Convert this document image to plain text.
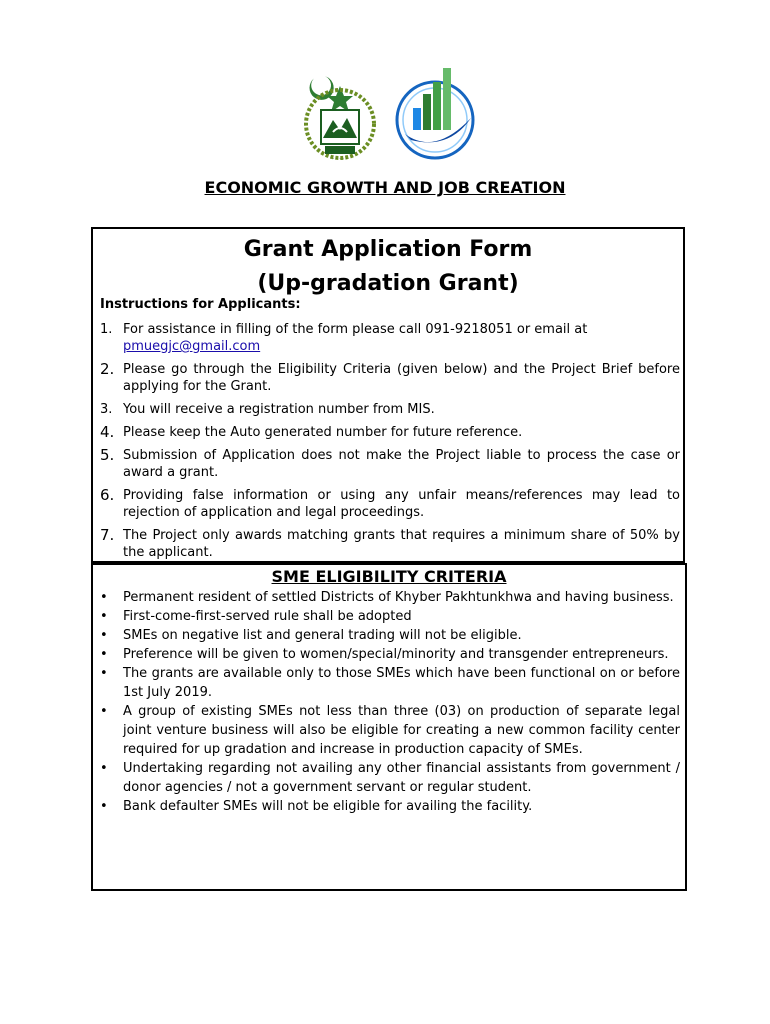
· · · · ·
ECONOMIC GROWTH AND JOB CREATION
Grant Application Form
(Up-gradation Grant)
Instructions for Applicants:
1. For assistance in filling of the form please call 091-9218051 or email at
pmuegjc@gmail.com
2. Please go through the Eligibility Criteria (given below) and the Project Brief before applying for the Grant.
3. You will receive a registration number from MIS.
4. Please keep the Auto generated number for future reference.
5. Submission of Application does not make the Project liable to process the case or award a grant.
6. Providing false information or using any unfair means/references may lead to rejection of application and legal proceedings.
7. The Project only awards matching grants that requires a minimum share of 50% by the applicant.
SME ELIGIBILITY CRITERIA
• Permanent resident of settled Districts of Khyber Pakhtunkhwa and having business.
• First-come-first-served rule shall be adopted
• SMEs on negative list and general trading will not be eligible.
• Preference will be given to women/special/minority and transgender entrepreneurs.
• The grants are available only to those SMEs which have been functional on or before 1st July 2019.
• A group of existing SMEs not less than three (03) on production of separate legal joint venture business will also be eligible for creating a new common facility center required for up gradation and increase in production capacity of SMEs.
• Undertaking regarding not availing any other financial assistants from government / donor agencies / not a government servant or regular student.
• Bank defaulter SMEs will not be eligible for availing the facility.
